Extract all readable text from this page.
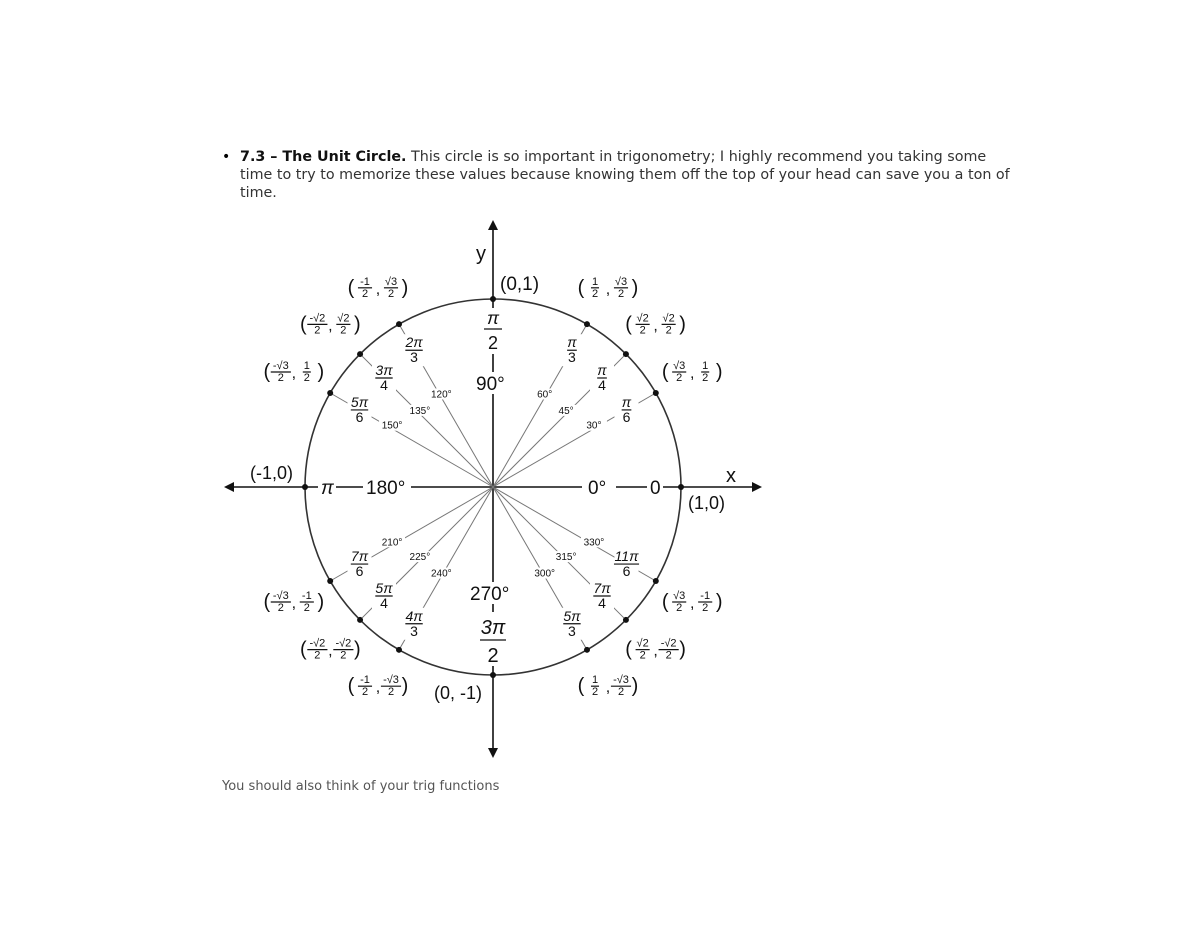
• 7.3 – The Unit Circle. This circle is so important in trigonometry; I highly recommend you taking some time to try to memorize these values because knowing them off the top of your head can save you a ton of time.
30°
π
6
( √3
2 , 1
2 )
45°
π
4
( √2
2 , √2
2 )
60°
π
3
( 1
2 , √3
2 )
120°
2π
3
( -1
2 , √3
2 )
135°
3π
4
( -√2
2 , √2
2 )
150°
5π
6
( -√3
2 , 1
2 )
210°
7π
6
( -√3
2 , -1
2 )
225°
5π
4
( -√2
2 , -√2
2 )
240°
4π
3
( -1
2 , -√3
2 )
300°
5π
3
( 1
2 , -√3
2 )
315°
7π
4
( √2
2 , -√2
2 )
330°
11π
6
( √3
2 , -1
2 )
y
x
(0,1)
(0, -1)
(-1,0)
(1,0)
0° 0
180°
π
90°
π
2
270°
3π
2
You should also think of your trig functions
